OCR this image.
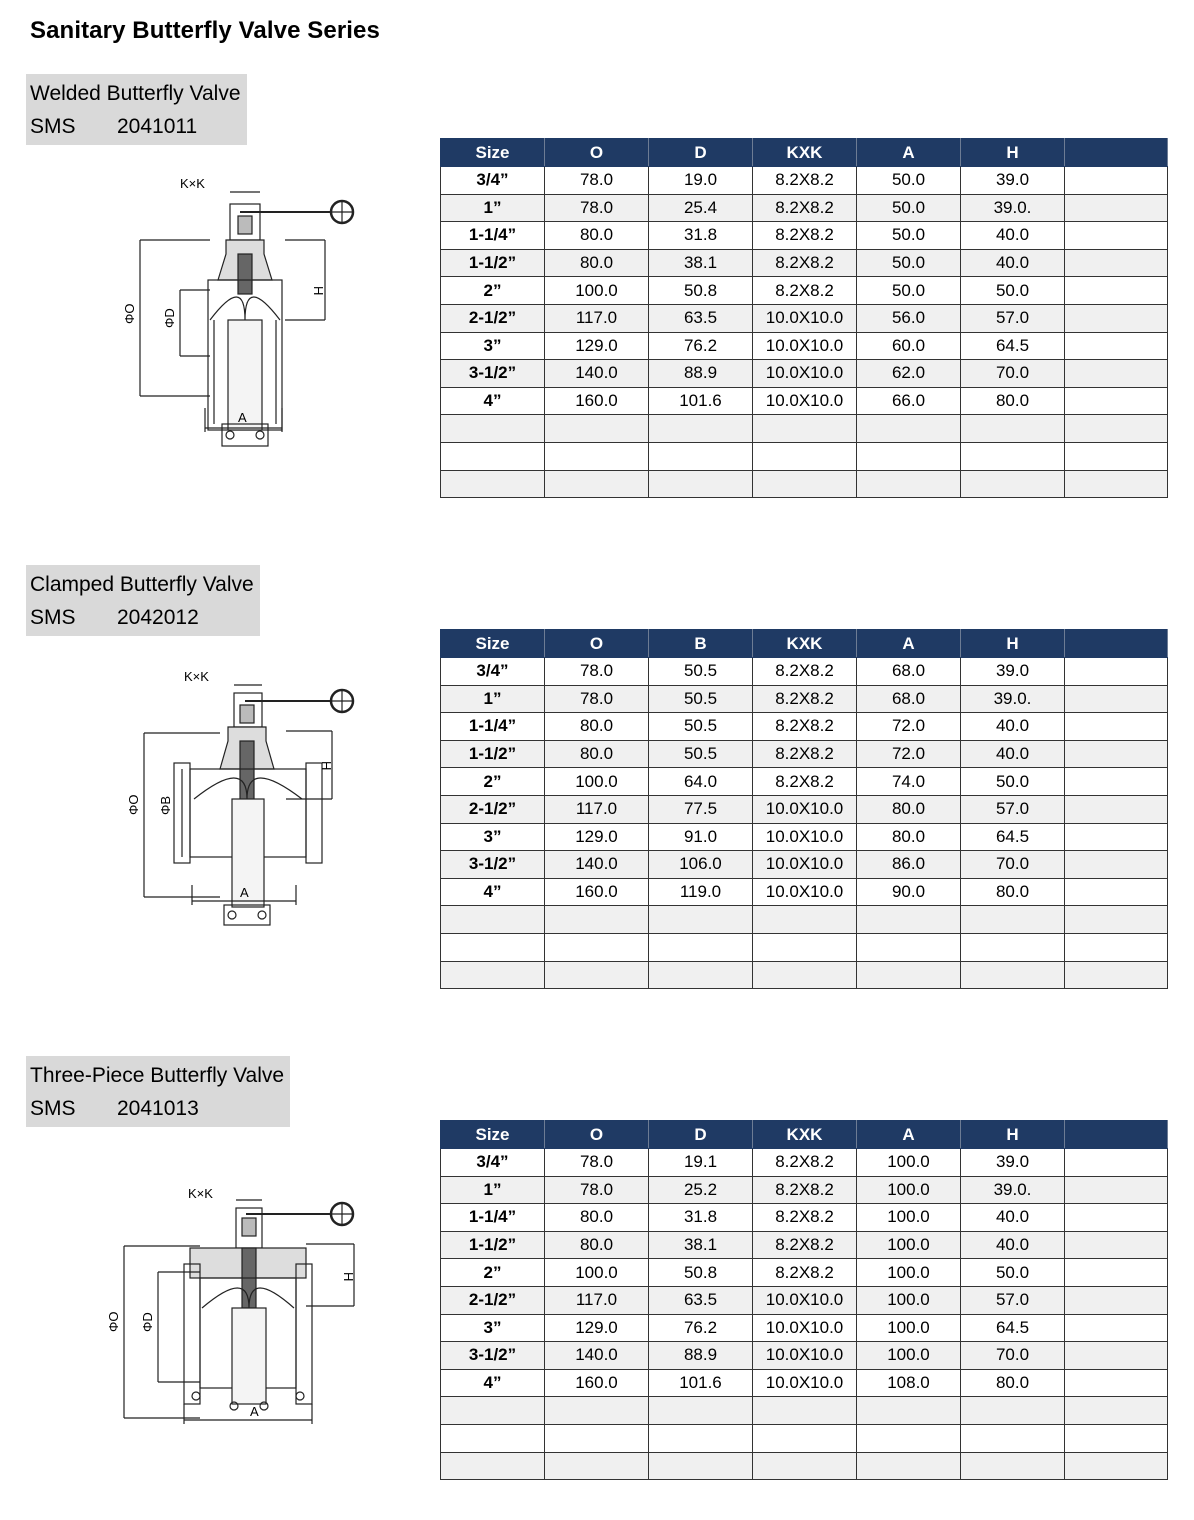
Sanitary Butterfly Valve Series
Welded Butterfly Valve
SMS 2041011
K×K
ΦO ΦD
H
A
Size	O	D	KXK	A	H	
3/4”	78.0	19.0	8.2X8.2	50.0	39.0	
1”	78.0	25.4	8.2X8.2	50.0	39.0.	
1-1/4”	80.0	31.8	8.2X8.2	50.0	40.0	
1-1/2”	80.0	38.1	8.2X8.2	50.0	40.0	
2”	100.0	50.8	8.2X8.2	50.0	50.0	
2-1/2”	117.0	63.5	10.0X10.0	56.0	57.0	
3”	129.0	76.2	10.0X10.0	60.0	64.5	
3-1/2”	140.0	88.9	10.0X10.0	62.0	70.0	
4”	160.0	101.6	10.0X10.0	66.0	80.0	

Clamped Butterfly Valve
SMS 2042012
K×K
ΦO ΦB
H
A
Size	O	B	KXK	A	H	
3/4”	78.0	50.5	8.2X8.2	68.0	39.0	
1”	78.0	50.5	8.2X8.2	68.0	39.0.	
1-1/4”	80.0	50.5	8.2X8.2	72.0	40.0	
1-1/2”	80.0	50.5	8.2X8.2	72.0	40.0	
2”	100.0	64.0	8.2X8.2	74.0	50.0	
2-1/2”	117.0	77.5	10.0X10.0	80.0	57.0	
3”	129.0	91.0	10.0X10.0	80.0	64.5	
3-1/2”	140.0	106.0	10.0X10.0	86.0	70.0	
4”	160.0	119.0	10.0X10.0	90.0	80.0	

Three-Piece Butterfly Valve
SMS 2041013
K×K
ΦO ΦD
H
A
Size	O	D	KXK	A	H	
3/4”	78.0	19.1	8.2X8.2	100.0	39.0	
1”	78.0	25.2	8.2X8.2	100.0	39.0.	
1-1/4”	80.0	31.8	8.2X8.2	100.0	40.0	
1-1/2”	80.0	38.1	8.2X8.2	100.0	40.0	
2”	100.0	50.8	8.2X8.2	100.0	50.0	
2-1/2”	117.0	63.5	10.0X10.0	100.0	57.0	
3”	129.0	76.2	10.0X10.0	100.0	64.5	
3-1/2”	140.0	88.9	10.0X10.0	100.0	70.0	
4”	160.0	101.6	10.0X10.0	108.0	80.0	
